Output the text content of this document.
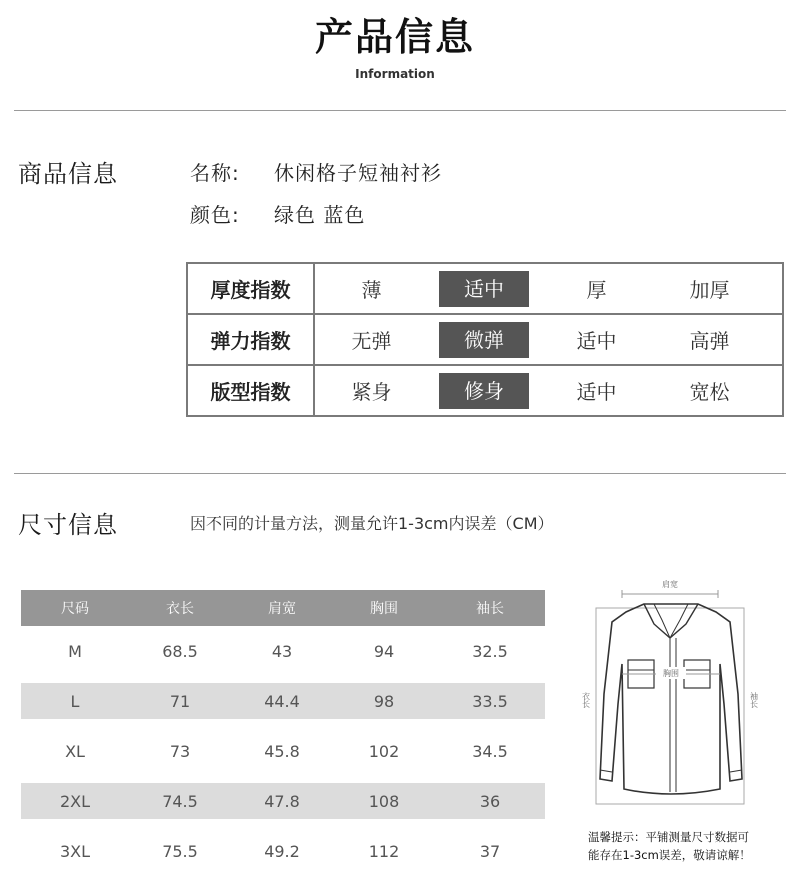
产品信息
Information
商品信息	名称: 休闲格子短袖衬衫
颜色: 绿色 蓝色
厚度指数	薄 适中 厚 加厚

弹力指数	无弹 微弹 适中 高弹

版型指数	紧身 修身 适中 宽松
尺寸信息	因不同的计量方法，测量允许1-3cm内误差（CM）
尺码	衣长	肩宽	胸围	袖长
M	68.5	43	94	32.5
L	71	44.4	98	33.5
XL	73	45.8	102	34.5
2XL	74.5	47.8	108	36
3XL	75.5	49.2	112	37
肩宽
胸围
衣长	袖长
温馨提示：平铺测量尺寸数据可
能存在1-3cm误差，敬请谅解！
